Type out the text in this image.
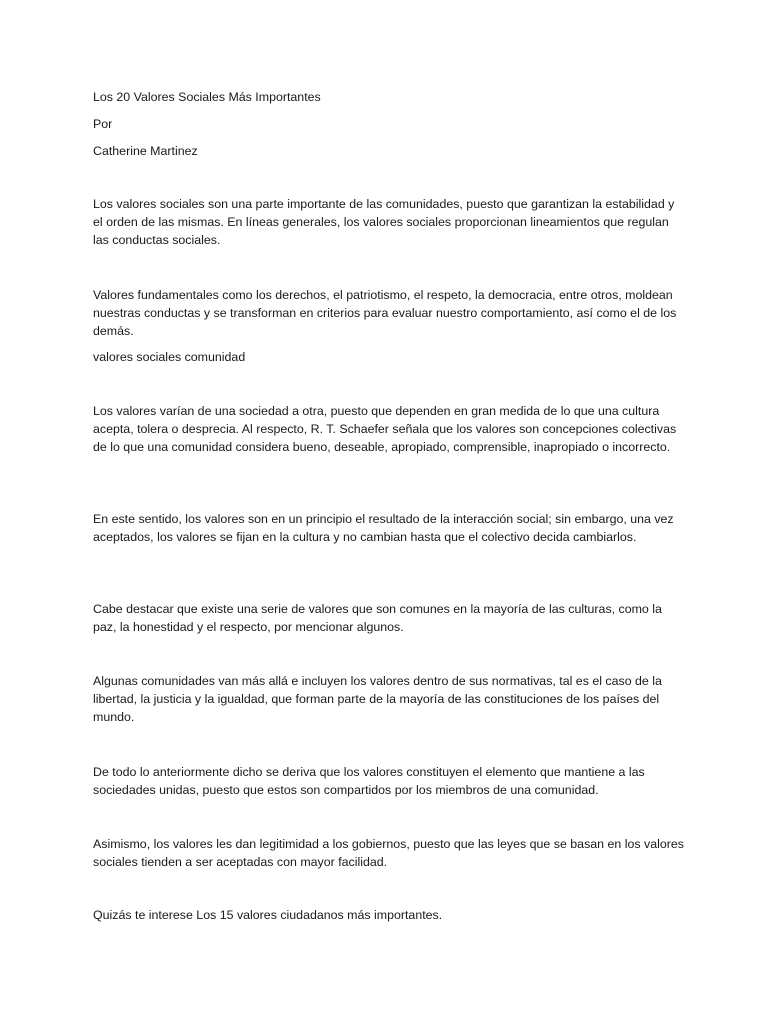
Los 20 Valores Sociales Más Importantes

Por

Catherine Martinez

Los valores sociales son una parte importante de las comunidades, puesto que garantizan la estabilidad y el orden de las mismas. En líneas generales, los valores sociales proporcionan lineamientos que regulan las conductas sociales.

Valores fundamentales como los derechos, el patriotismo, el respeto, la democracia, entre otros, moldean nuestras conductas y se transforman en criterios para evaluar nuestro comportamiento, así como el de los demás.

valores sociales comunidad

Los valores varían de una sociedad a otra, puesto que dependen en gran medida de lo que una cultura acepta, tolera o desprecia. Al respecto, R. T. Schaefer señala que los valores son concepciones colectivas de lo que una comunidad considera bueno, deseable, apropiado, comprensible, inapropiado o incorrecto.

En este sentido, los valores son en un principio el resultado de la interacción social; sin embargo, una vez aceptados, los valores se fijan en la cultura y no cambian hasta que el colectivo decida cambiarlos.

Cabe destacar que existe una serie de valores que son comunes en la mayoría de las culturas, como la paz, la honestidad y el respecto, por mencionar algunos.

Algunas comunidades van más allá e incluyen los valores dentro de sus normativas, tal es el caso de la libertad, la justicia y la igualdad, que forman parte de la mayoría de las constituciones de los países del mundo.

De todo lo anteriormente dicho se deriva que los valores constituyen el elemento que mantiene a las sociedades unidas, puesto que estos son compartidos por los miembros de una comunidad.

Asimismo, los valores les dan legitimidad a los gobiernos, puesto que las leyes que se basan en los valores sociales tienden a ser aceptadas con mayor facilidad.

Quizás te interese Los 15 valores ciudadanos más importantes.
